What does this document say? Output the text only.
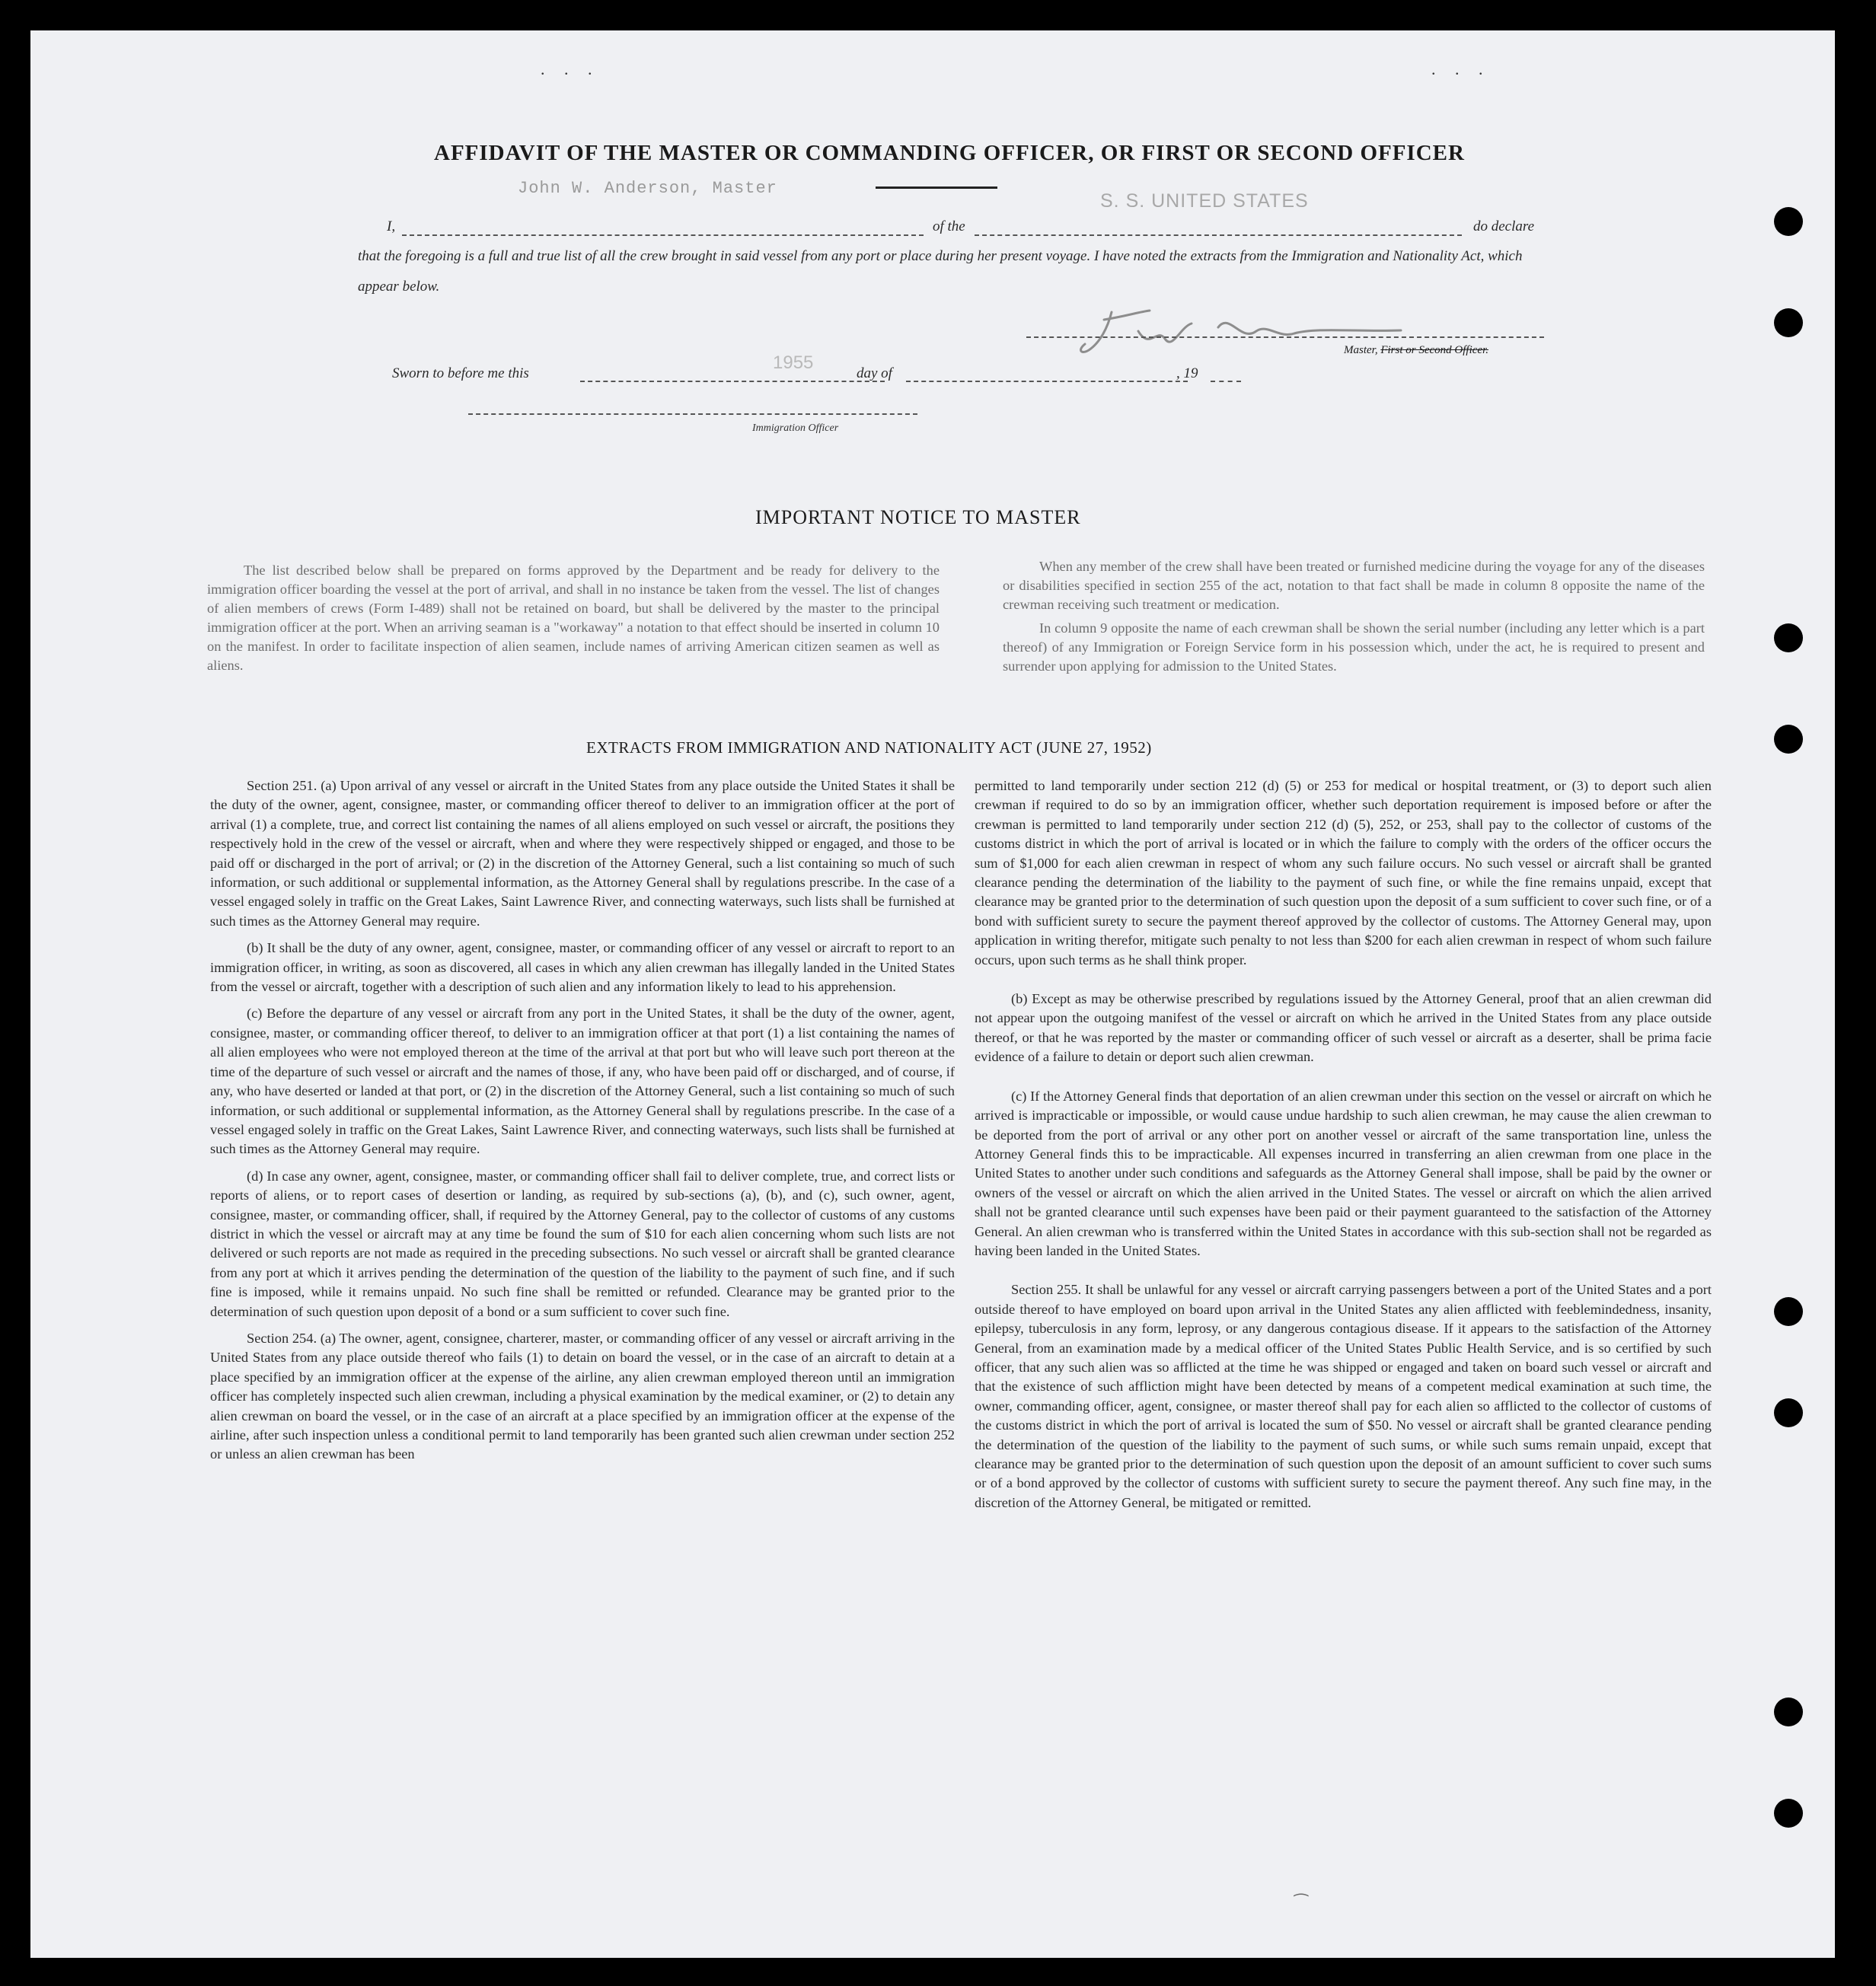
. . .	. . .
AFFIDAVIT OF THE MASTER OR COMMANDING OFFICER, OR FIRST OR SECOND OFFICER
John W. Anderson, Master
S. S. UNITED STATES
I,	of the	do declare
that the foregoing is a full and true list of all the crew brought in said vessel from any port or place during her present voyage. I have noted the extracts from the Immigration and Nationality Act, which appear below.
Master, First or Second Officer.
1955
Sworn to before me this	day of	, 19
Immigration Officer
IMPORTANT NOTICE TO MASTER

The list described below shall be prepared on forms approved by the Department and be ready for delivery to the immigration officer boarding the vessel at the port of arrival, and shall in no instance be taken from the vessel. The list of changes of alien members of crews (Form I-489) shall not be retained on board, but shall be delivered by the master to the principal immigration officer at the port. When an arriving seaman is a "workaway" a notation to that effect should be inserted in column 10 on the manifest. In order to facilitate inspection of alien seamen, include names of arriving American citizen seamen as well as aliens.

When any member of the crew shall have been treated or furnished medicine during the voyage for any of the diseases or disabilities specified in section 255 of the act, notation to that fact shall be made in column 8 opposite the name of the crewman receiving such treatment or medication.

In column 9 opposite the name of each crewman shall be shown the serial number (including any letter which is a part thereof) of any Immigration or Foreign Service form in his possession which, under the act, he is required to present and surrender upon applying for admission to the United States.

EXTRACTS FROM IMMIGRATION AND NATIONALITY ACT (JUNE 27, 1952)

Section 251. (a) Upon arrival of any vessel or aircraft in the United States from any place outside the United States it shall be the duty of the owner, agent, consignee, master, or commanding officer thereof to deliver to an immigration officer at the port of arrival (1) a complete, true, and correct list containing the names of all aliens employed on such vessel or aircraft, the positions they respectively hold in the crew of the vessel or aircraft, when and where they were respectively shipped or engaged, and those to be paid off or discharged in the port of arrival; or (2) in the discretion of the Attorney General, such a list containing so much of such information, or such additional or supplemental information, as the Attorney General shall by regulations prescribe. In the case of a vessel engaged solely in traffic on the Great Lakes, Saint Lawrence River, and connecting waterways, such lists shall be furnished at such times as the Attorney General may require.

(b) It shall be the duty of any owner, agent, consignee, master, or commanding officer of any vessel or aircraft to report to an immigration officer, in writing, as soon as discovered, all cases in which any alien crewman has illegally landed in the United States from the vessel or aircraft, together with a description of such alien and any information likely to lead to his apprehension.

(c) Before the departure of any vessel or aircraft from any port in the United States, it shall be the duty of the owner, agent, consignee, master, or commanding officer thereof, to deliver to an immigration officer at that port (1) a list containing the names of all alien employees who were not employed thereon at the time of the arrival at that port but who will leave such port thereon at the time of the departure of such vessel or aircraft and the names of those, if any, who have been paid off or discharged, and of course, if any, who have deserted or landed at that port, or (2) in the discretion of the Attorney General, such a list containing so much of such information, or such additional or supplemental information, as the Attorney General shall by regulations prescribe. In the case of a vessel engaged solely in traffic on the Great Lakes, Saint Lawrence River, and connecting waterways, such lists shall be furnished at such times as the Attorney General may require.

(d) In case any owner, agent, consignee, master, or commanding officer shall fail to deliver complete, true, and correct lists or reports of aliens, or to report cases of desertion or landing, as required by sub-sections (a), (b), and (c), such owner, agent, consignee, master, or commanding officer, shall, if required by the Attorney General, pay to the collector of customs of any customs district in which the vessel or aircraft may at any time be found the sum of $10 for each alien concerning whom such lists are not delivered or such reports are not made as required in the preceding subsections. No such vessel or aircraft shall be granted clearance from any port at which it arrives pending the determination of the question of the liability to the payment of such fine, and if such fine is imposed, while it remains unpaid. No such fine shall be remitted or refunded. Clearance may be granted prior to the determination of such question upon deposit of a bond or a sum sufficient to cover such fine.

Section 254. (a) The owner, agent, consignee, charterer, master, or commanding officer of any vessel or aircraft arriving in the United States from any place outside thereof who fails (1) to detain on board the vessel, or in the case of an aircraft to detain at a place specified by an immigration officer at the expense of the airline, any alien crewman employed thereon until an immigration officer has completely inspected such alien crewman, including a physical examination by the medical examiner, or (2) to detain any alien crewman on board the vessel, or in the case of an aircraft at a place specified by an immigration officer at the expense of the airline, after such inspection unless a conditional permit to land temporarily has been granted such alien crewman under section 252 or unless an alien crewman has been

permitted to land temporarily under section 212 (d) (5) or 253 for medical or hospital treatment, or (3) to deport such alien crewman if required to do so by an immigration officer, whether such deportation requirement is imposed before or after the crewman is permitted to land temporarily under section 212 (d) (5), 252, or 253, shall pay to the collector of customs of the customs district in which the port of arrival is located or in which the failure to comply with the orders of the officer occurs the sum of $1,000 for each alien crewman in respect of whom any such failure occurs. No such vessel or aircraft shall be granted clearance pending the determination of the liability to the payment of such fine, or while the fine remains unpaid, except that clearance may be granted prior to the determination of such question upon the deposit of a sum sufficient to cover such fine, or of a bond with sufficient surety to secure the payment thereof approved by the collector of customs. The Attorney General may, upon application in writing therefor, mitigate such penalty to not less than $200 for each alien crewman in respect of whom such failure occurs, upon such terms as he shall think proper.

(b) Except as may be otherwise prescribed by regulations issued by the Attorney General, proof that an alien crewman did not appear upon the outgoing manifest of the vessel or aircraft on which he arrived in the United States from any place outside thereof, or that he was reported by the master or commanding officer of such vessel or aircraft as a deserter, shall be prima facie evidence of a failure to detain or deport such alien crewman.

(c) If the Attorney General finds that deportation of an alien crewman under this section on the vessel or aircraft on which he arrived is impracticable or impossible, or would cause undue hardship to such alien crewman, he may cause the alien crewman to be deported from the port of arrival or any other port on another vessel or aircraft of the same transportation line, unless the Attorney General finds this to be impracticable. All expenses incurred in transferring an alien crewman from one place in the United States to another under such conditions and safeguards as the Attorney General shall impose, shall be paid by the owner or owners of the vessel or aircraft on which the alien arrived in the United States. The vessel or aircraft on which the alien arrived shall not be granted clearance until such expenses have been paid or their payment guaranteed to the satisfaction of the Attorney General. An alien crewman who is transferred within the United States in accordance with this sub-section shall not be regarded as having been landed in the United States.

Section 255. It shall be unlawful for any vessel or aircraft carrying passengers between a port of the United States and a port outside thereof to have employed on board upon arrival in the United States any alien afflicted with feeblemindedness, insanity, epilepsy, tuberculosis in any form, leprosy, or any dangerous contagious disease. If it appears to the satisfaction of the Attorney General, from an examination made by a medical officer of the United States Public Health Service, and is so certified by such officer, that any such alien was so afflicted at the time he was shipped or engaged and taken on board such vessel or aircraft and that the existence of such affliction might have been detected by means of a competent medical examination at such time, the owner, commanding officer, agent, consignee, or master thereof shall pay for each alien so afflicted to the collector of customs of the customs district in which the port of arrival is located the sum of $50. No vessel or aircraft shall be granted clearance pending the determination of the question of the liability to the payment of such sums, or while such sums remain unpaid, except that clearance may be granted prior to the determination of such question upon the deposit of an amount sufficient to cover such sums or of a bond approved by the collector of customs with sufficient surety to secure the payment thereof. Any such fine may, in the discretion of the Attorney General, be mitigated or remitted.

⁀
